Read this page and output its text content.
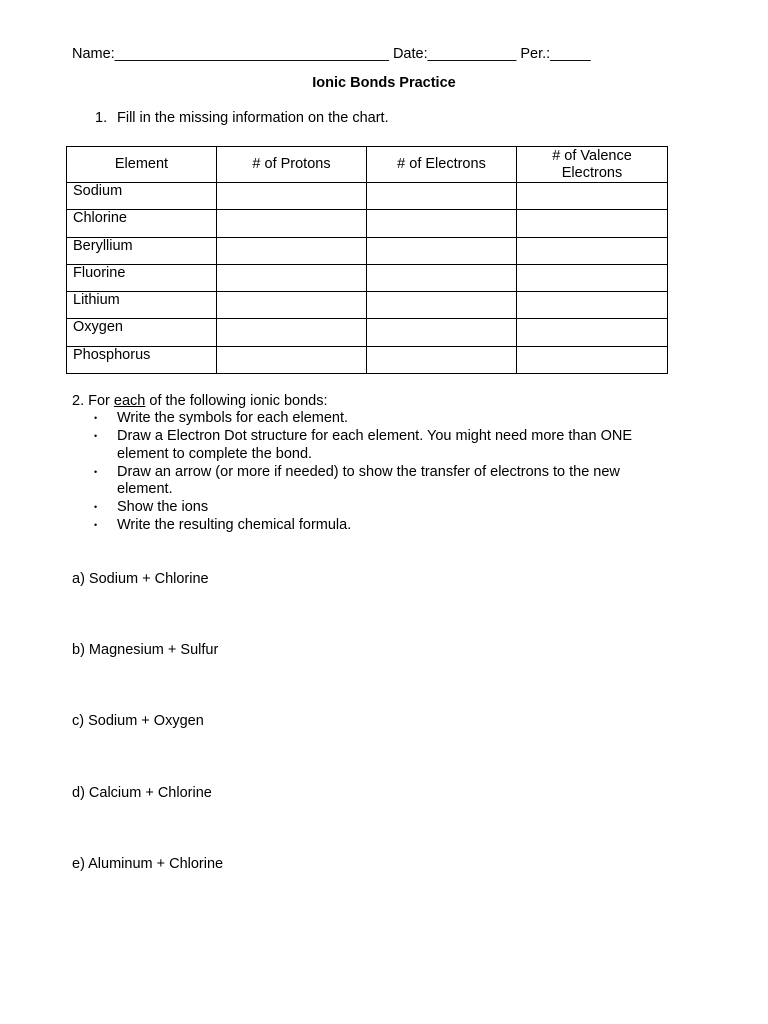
Name:__________________________________ Date:___________ Per.:_____
Ionic Bonds Practice
1. Fill in the missing information on the chart.
Element	# of Protons	# of Electrons	# of Valence
Electrons
Sodium			
Chlorine			
Beryllium			
Fluorine			
Lithium			
Oxygen			
Phosphorus			
2. For each of the following ionic bonds:
• Write the symbols for each element.
• Draw a Electron Dot structure for each element. You might need more than ONE element to complete the bond.
• Draw an arrow (or more if needed) to show the transfer of electrons to the new element.
• Show the ions
• Write the resulting chemical formula.
a) Sodium + Chlorine
b) Magnesium + Sulfur
c) Sodium + Oxygen
d) Calcium + Chlorine
e) Aluminum + Chlorine
